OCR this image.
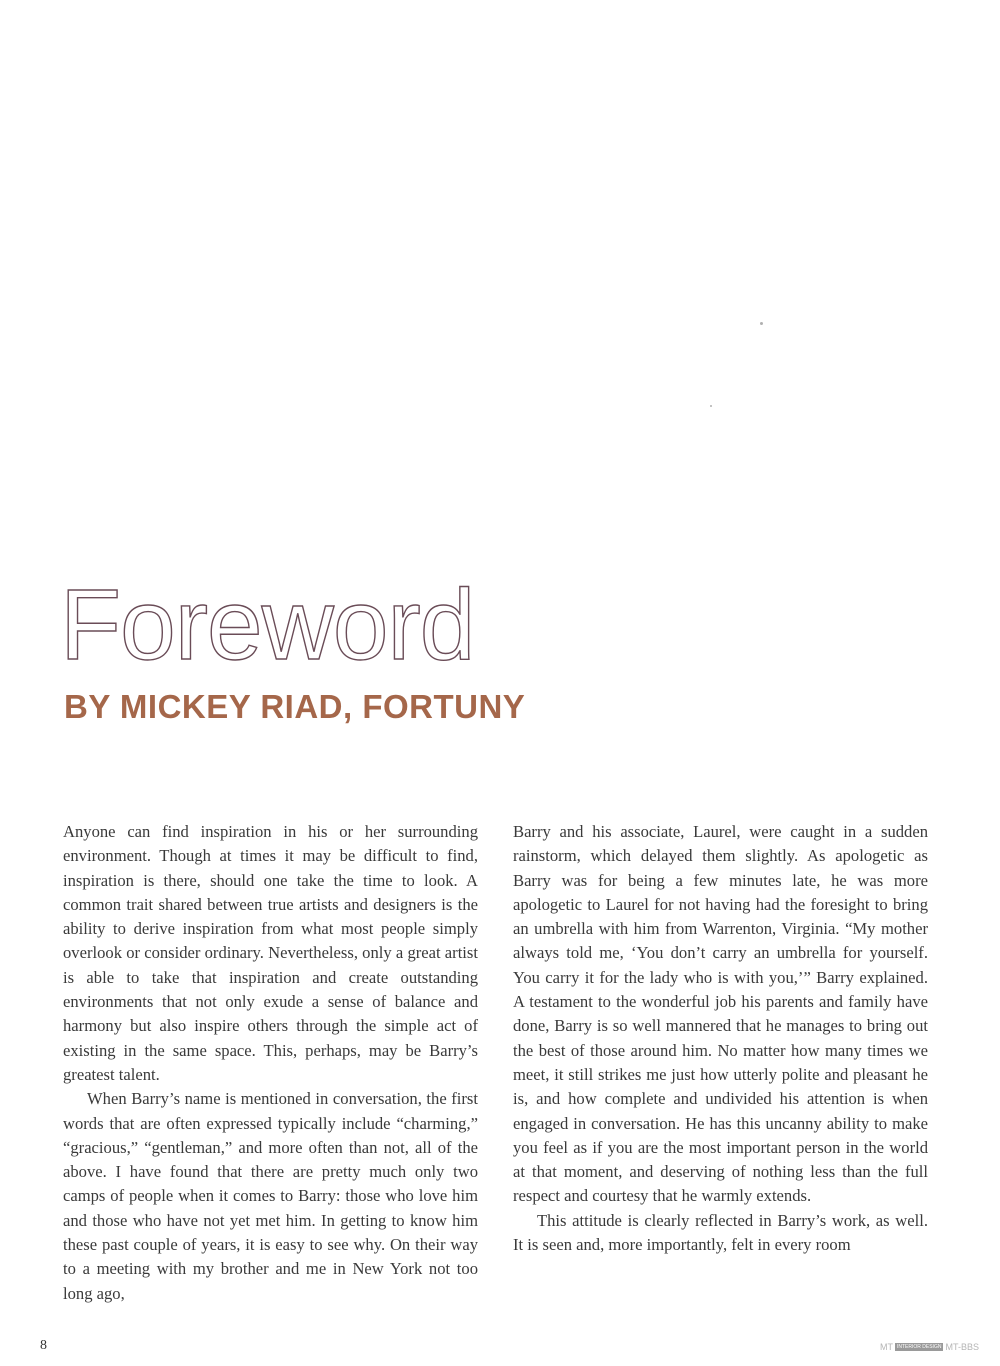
Foreword
BY MICKEY RIAD, FORTUNY

Anyone can find inspiration in his or her surrounding environment. Though at times it may be difficult to find, inspiration is there, should one take the time to look. A common trait shared between true artists and designers is the ability to derive inspiration from what most people simply overlook or consider ordinary. Nevertheless, only a great artist is able to take that inspiration and create outstanding environments that not only exude a sense of balance and harmony but also inspire others through the simple act of existing in the same space. This, perhaps, may be Barry’s greatest talent.

When Barry’s name is mentioned in conversation, the first words that are often expressed typically include “charming,” “gracious,” “gentleman,” and more often than not, all of the above. I have found that there are pretty much only two camps of people when it comes to Barry: those who love him and those who have not yet met him. In getting to know him these past couple of years, it is easy to see why. On their way to a meeting with my brother and me in New York not too long ago,

Barry and his associate, Laurel, were caught in a sudden rainstorm, which delayed them slightly. As apologetic as Barry was for being a few minutes late, he was more apologetic to Laurel for not having had the foresight to bring an umbrella with him from Warrenton, Virginia. “My mother always told me, ‘You don’t carry an umbrella for yourself. You carry it for the lady who is with you,’” Barry explained. A testament to the wonderful job his parents and family have done, Barry is so well mannered that he manages to bring out the best of those around him. No matter how many times we meet, it still strikes me just how utterly polite and pleasant he is, and how complete and undivided his attention is when engaged in conversation. He has this uncanny ability to make you feel as if you are the most important person in the world at that moment, and deserving of nothing less than the full respect and courtesy that he warmly extends.

This attitude is clearly reflected in Barry’s work, as well. It is seen and, more importantly, felt in every room

8	MT INTERIOR DESIGN MT-BBS
